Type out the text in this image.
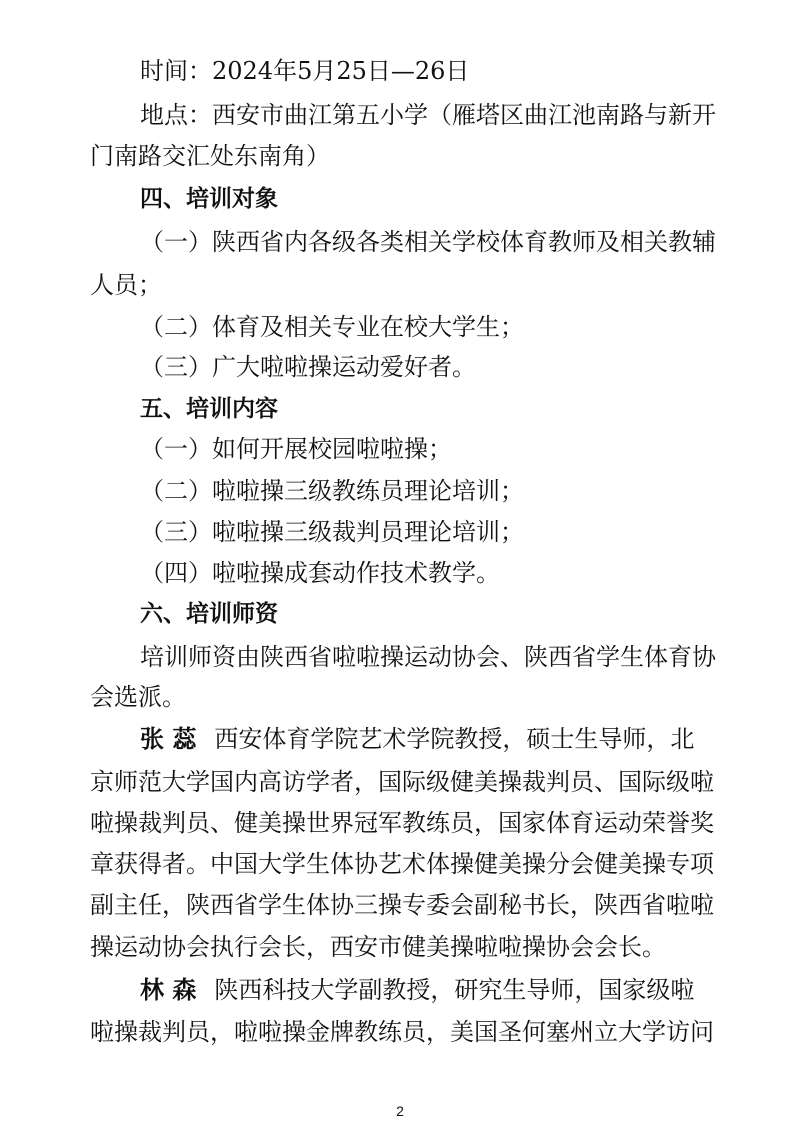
时间：2024年5月25日—26日
地点：西安市曲江第五小学（雁塔区曲江池南路与新开
门南路交汇处东南角）
四、培训对象
（一）陕西省内各级各类相关学校体育教师及相关教辅
人员；
（二）体育及相关专业在校大学生；
（三）广大啦啦操运动爱好者。
五、培训内容
（一）如何开展校园啦啦操；
（二）啦啦操三级教练员理论培训；
（三）啦啦操三级裁判员理论培训；
（四）啦啦操成套动作技术教学。
六、培训师资
培训师资由陕西省啦啦操运动协会、陕西省学生体育协
会选派。
张 蕊 西安体育学院艺术学院教授，硕士生导师，北
京师范大学国内高访学者，国际级健美操裁判员、国际级啦
啦操裁判员、健美操世界冠军教练员，国家体育运动荣誉奖
章获得者。中国大学生体协艺术体操健美操分会健美操专项
副主任，陕西省学生体协三操专委会副秘书长，陕西省啦啦
操运动协会执行会长，西安市健美操啦啦操协会会长。
林 森 陕西科技大学副教授，研究生导师，国家级啦
啦操裁判员，啦啦操金牌教练员，美国圣何塞州立大学访问
2
